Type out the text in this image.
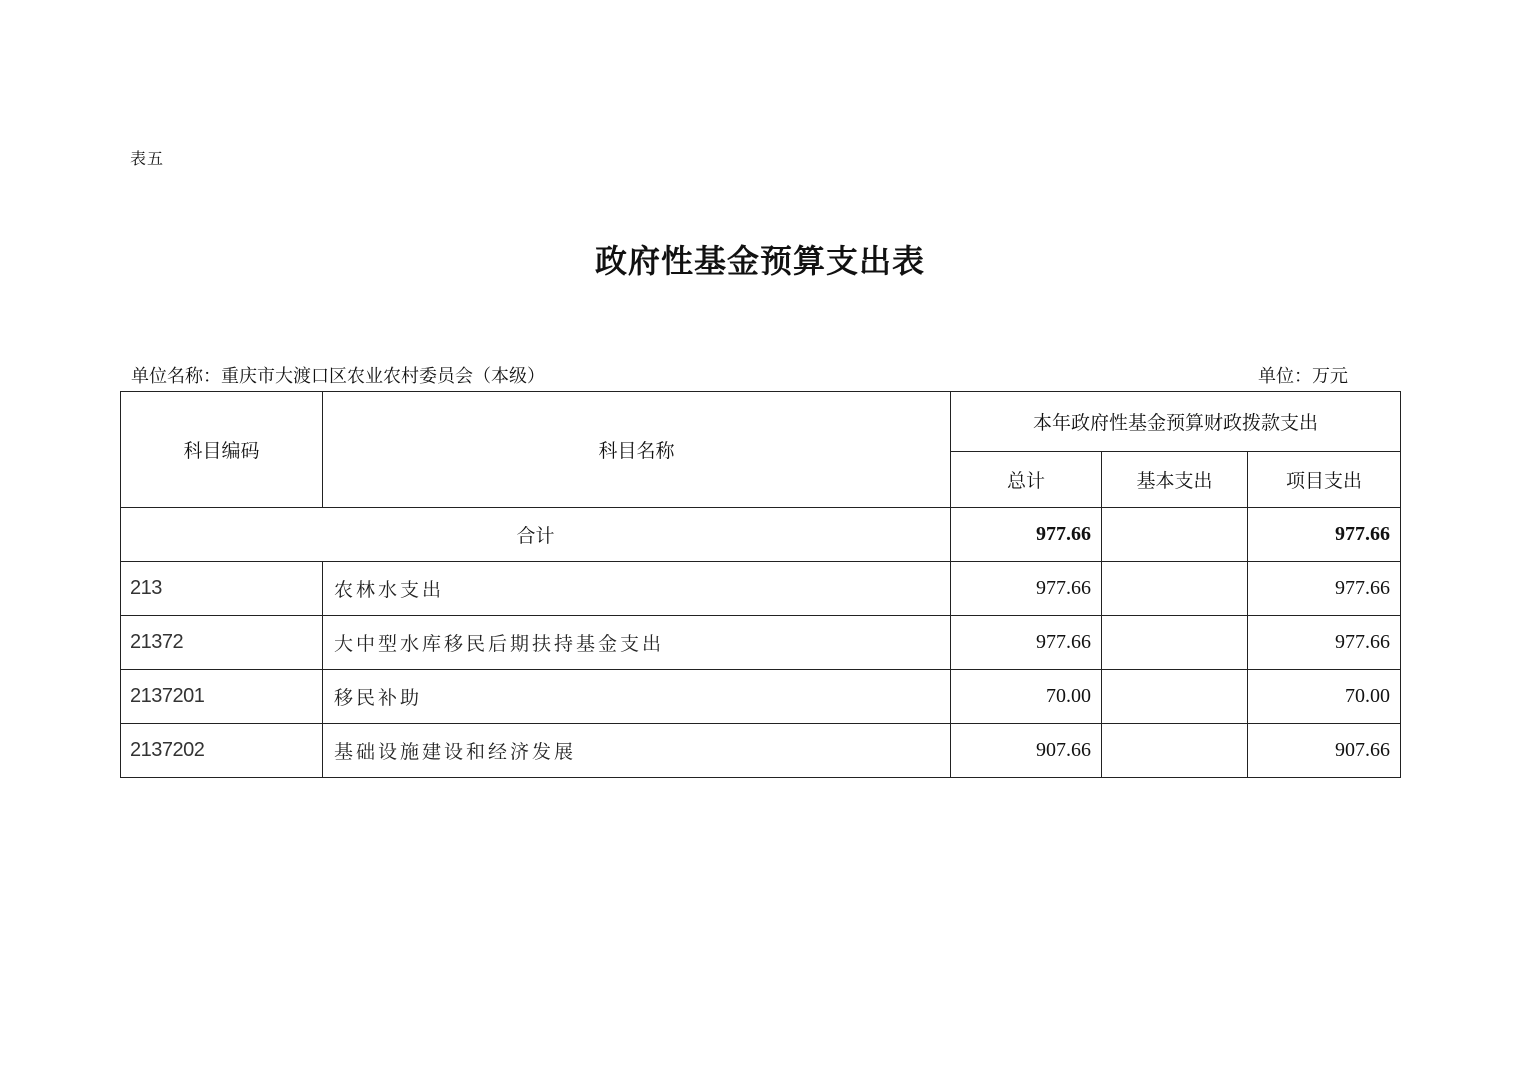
表五
政府性基金预算支出表
单位名称：重庆市大渡口区农业农村委员会（本级）	单位：万元
科目编码	科目名称	本年政府性基金预算财政拨款支出		
		总计	基本支出	项目支出
合计		977.66		977.66
213	农林水支出	977.66		977.66
21372	大中型水库移民后期扶持基金支出	977.66		977.66
2137201	移民补助	70.00		70.00
2137202	基础设施建设和经济发展	907.66		907.66
